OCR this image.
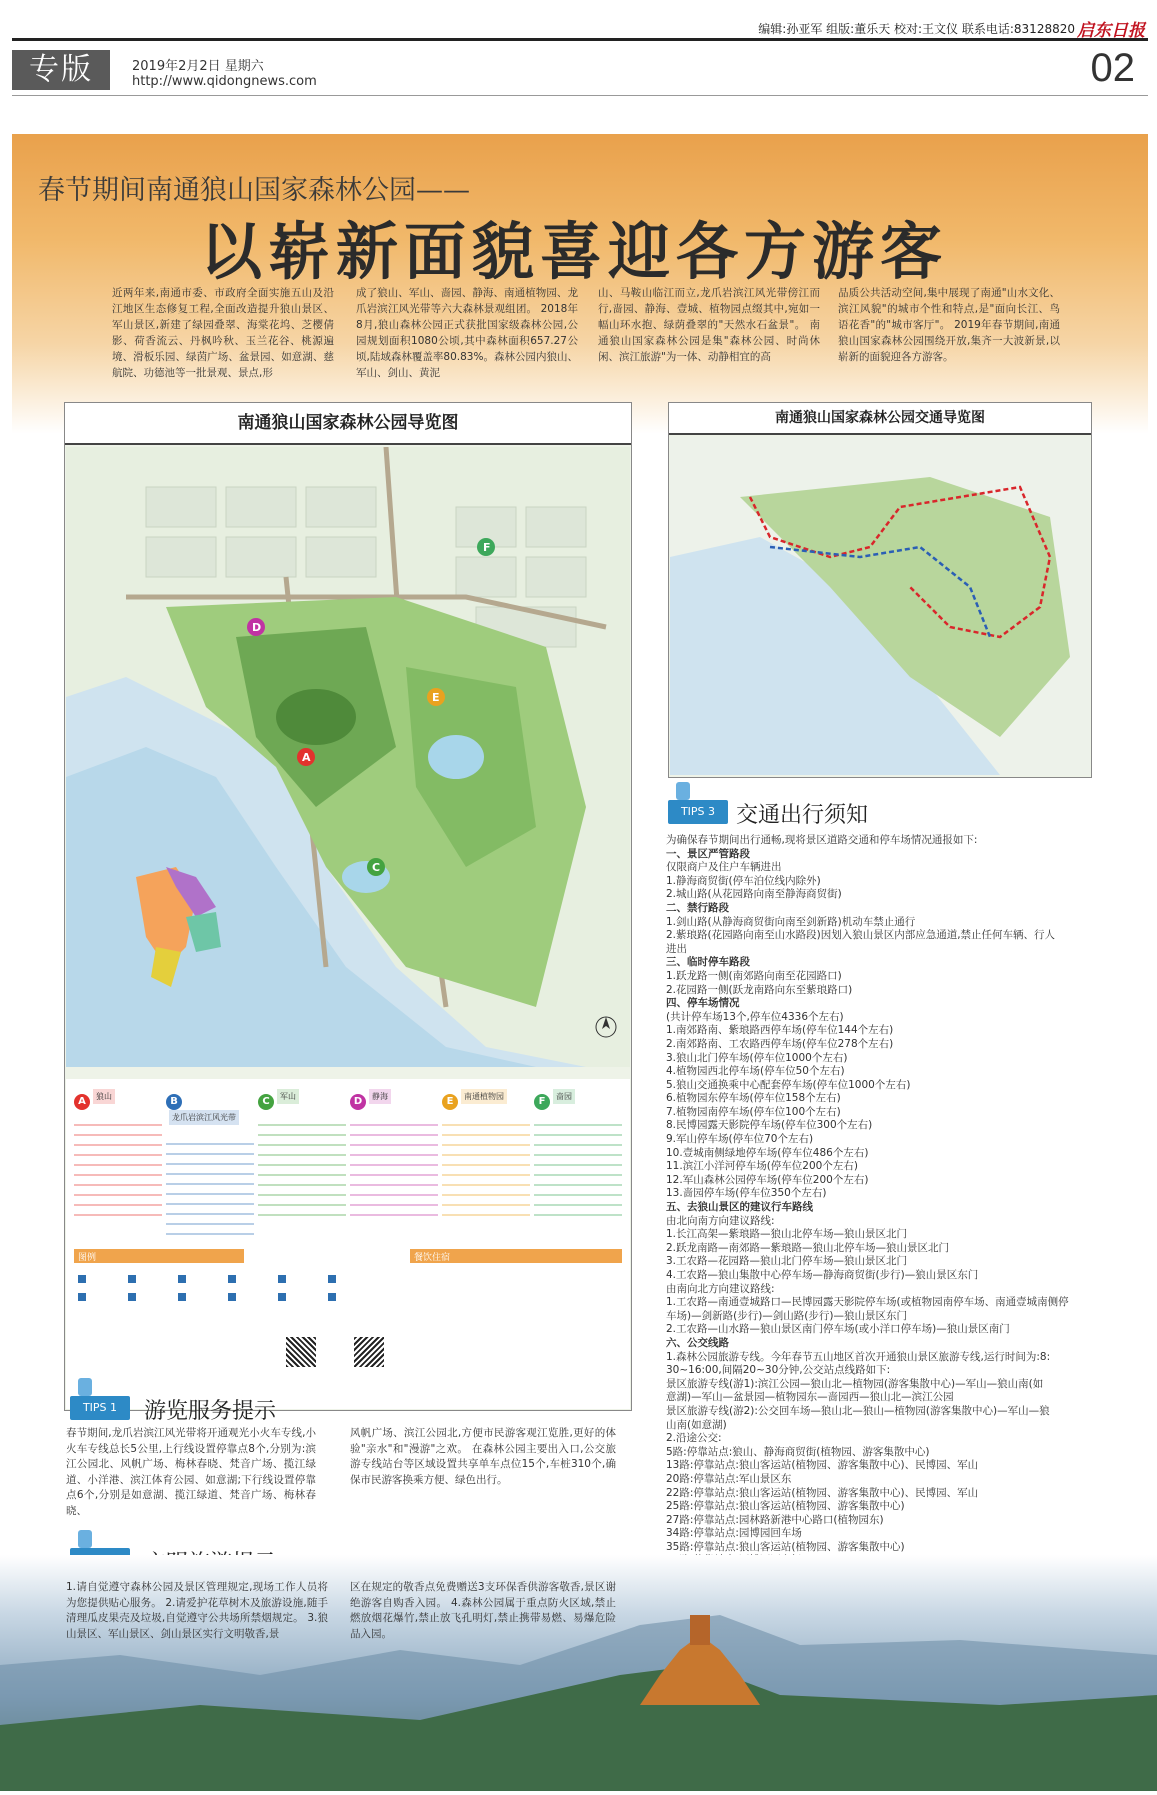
编辑:孙亚军 组版:董乐天 校对:王文仪 联系电话:83128820 启东日报
专版	2019年2月2日 星期六
http://www.qidongnews.com	02
春节期间南通狼山国家森林公园——
以崭新面貌喜迎各方游客
近两年来,南通市委、市政府全面实施五山及沿江地区生态修复工程,全面改造提升狼山景区、军山景区,新建了绿园叠翠、海棠花坞、芝樱倩影、荷香流云、丹枫吟秋、玉兰花谷、桃源遍境、滑板乐园、绿茵广场、盆景园、如意湖、慈航院、功德池等一批景观、景点,形
成了狼山、军山、啬园、静海、南通植物园、龙爪岩滨江风光带等六大森林景观组团。 2018年8月,狼山森林公园正式获批国家级森林公园,公园规划面积1080公顷,其中森林面积657.27公顷,陆域森林覆盖率80.83%。森林公园内狼山、军山、剑山、黄泥
山、马鞍山临江而立,龙爪岩滨江风光带傍江而行,啬园、静海、壹城、植物园点缀其中,宛如一幅山环水抱、绿荫叠翠的"天然水石盆景"。 南通狼山国家森林公园是集"森林公园、时尚休闲、滨江旅游"为一体、动静相宜的高
品质公共活动空间,集中展现了南通"山水文化、滨江风貌"的城市个性和特点,是"面向长江、鸟语花香"的"城市客厅"。 2019年春节期间,南通狼山国家森林公园围绕开放,集齐一大波新景,以崭新的面貌迎各方游客。
南通狼山国家森林公园导览图
A
D
E
C
F
A 狼山	B龙爪岩滨江风光带
C 军山	D 静海	E 南通植物园	F 啬园
图例	餐饮住宿
南通狼山国家森林公园交通导览图
TIPS 3 交通出行须知
为确保春节期间出行通畅,现将景区道路交通和停车场情况通报如下:
一、景区严管路段
仅限商户及住户车辆进出
1.静海商贸街(停车泊位线内除外)
2.城山路(从花园路向南至静海商贸街)
二、禁行路段
1.剑山路(从静海商贸街向南至剑新路)机动车禁止通行
2.紫琅路(花园路向南至山水路段)因划入狼山景区内部应急通道,禁止任何车辆、行人
进出
三、临时停车路段
1.跃龙路一侧(南郊路向南至花园路口)
2.花园路一侧(跃龙南路向东至紫琅路口)
四、停车场情况
(共计停车场13个,停车位4336个左右)
1.南郊路南、紫琅路西停车场(停车位144个左右)
2.南郊路南、工农路西停车场(停车位278个左右)
3.狼山北门停车场(停车位1000个左右)
4.植物园西北停车场(停车位50个左右)
5.狼山交通换乘中心配套停车场(停车位1000个左右)
6.植物园东停车场(停车位158个左右)
7.植物园南停车场(停车位100个左右)
8.民博园露天影院停车场(停车位300个左右)
9.军山停车场(停车位70个左右)
10.壹城南侧绿地停车场(停车位486个左右)
11.滨江小洋河停车场(停车位200个左右)
12.军山森林公园停车场(停车位200个左右)
13.啬园停车场(停车位350个左右)
五、去狼山景区的建议行车路线
由北向南方向建议路线:
1.长江高架—紫琅路—狼山北停车场—狼山景区北门
2.跃龙南路—南郊路—紫琅路—狼山北停车场—狼山景区北门
3.工农路—花园路—狼山北门停车场—狼山景区北门
4.工农路—狼山集散中心停车场—静海商贸街(步行)—狼山景区东门
由南向北方向建议路线:
1.工农路—南通壹城路口—民博园露天影院停车场(或植物园南停车场、南通壹城南侧停
车场)—剑新路(步行)—剑山路(步行)—狼山景区东门
2.工农路—山水路—狼山景区南门停车场(或小洋口停车场)—狼山景区南门
六、公交线路
1.森林公园旅游专线。今年春节五山地区首次开通狼山景区旅游专线,运行时间为:8:
30~16:00,间隔20~30分钟,公交站点线路如下:
景区旅游专线(游1):滨江公园—狼山北—植物园(游客集散中心)—军山—狼山南(如
意湖)—军山—盆景园—植物园东—啬园西—狼山北—滨江公园
景区旅游专线(游2):公交回车场—狼山北—狼山—植物园(游客集散中心)—军山—狼
山南(如意湖)
2.沿途公交:
5路:停靠站点:狼山、静海商贸街(植物园、游客集散中心)
13路:停靠站点:狼山客运站(植物园、游客集散中心)、民博园、军山
20路:停靠站点:军山景区东
22路:停靠站点:狼山客运站(植物园、游客集散中心)、民博园、军山
25路:停靠站点:狼山客运站(植物园、游客集散中心)
27路:停靠站点:园林路新港中心路口(植物园东)
34路:停靠站点:园博园回车场
35路:停靠站点:狼山客运站(植物园、游客集散中心)
TIPS 1	游览服务提示
春节期间,龙爪岩滨江风光带将开通观光小火车专线,小火车专线总长5公里,上行线设置停靠点8个,分别为:滨江公园北、风帆广场、梅林春晓、梵音广场、揽江绿道、小洋港、滨江体育公园、如意湖;下行线设置停靠点6个,分别是如意湖、揽江绿道、梵音广场、梅林春晓、
风帆广场、滨江公园北,方便市民游客观江览胜,更好的体验"亲水"和"漫游"之欢。 在森林公园主要出入口,公交旅游专线站台等区域设置共享单车点位15个,车桩310个,确保市民游客换乘方便、绿色出行。
1.请自觉遵守森林公园及景区管理规定,现场工作人员将为您提供贴心服务。 2.请爱护花草树木及旅游设施,随手清理瓜皮果壳及垃圾,自觉遵守公共场所禁烟规定。 3.狼山景区、军山景区、剑山景区实行文明敬香,景
区在规定的敬香点免费赠送3支环保香供游客敬香,景区谢绝游客自购香入园。 4.森林公园属于重点防火区域,禁止燃放烟花爆竹,禁止放飞孔明灯,禁止携带易燃、易爆危险品入园。
